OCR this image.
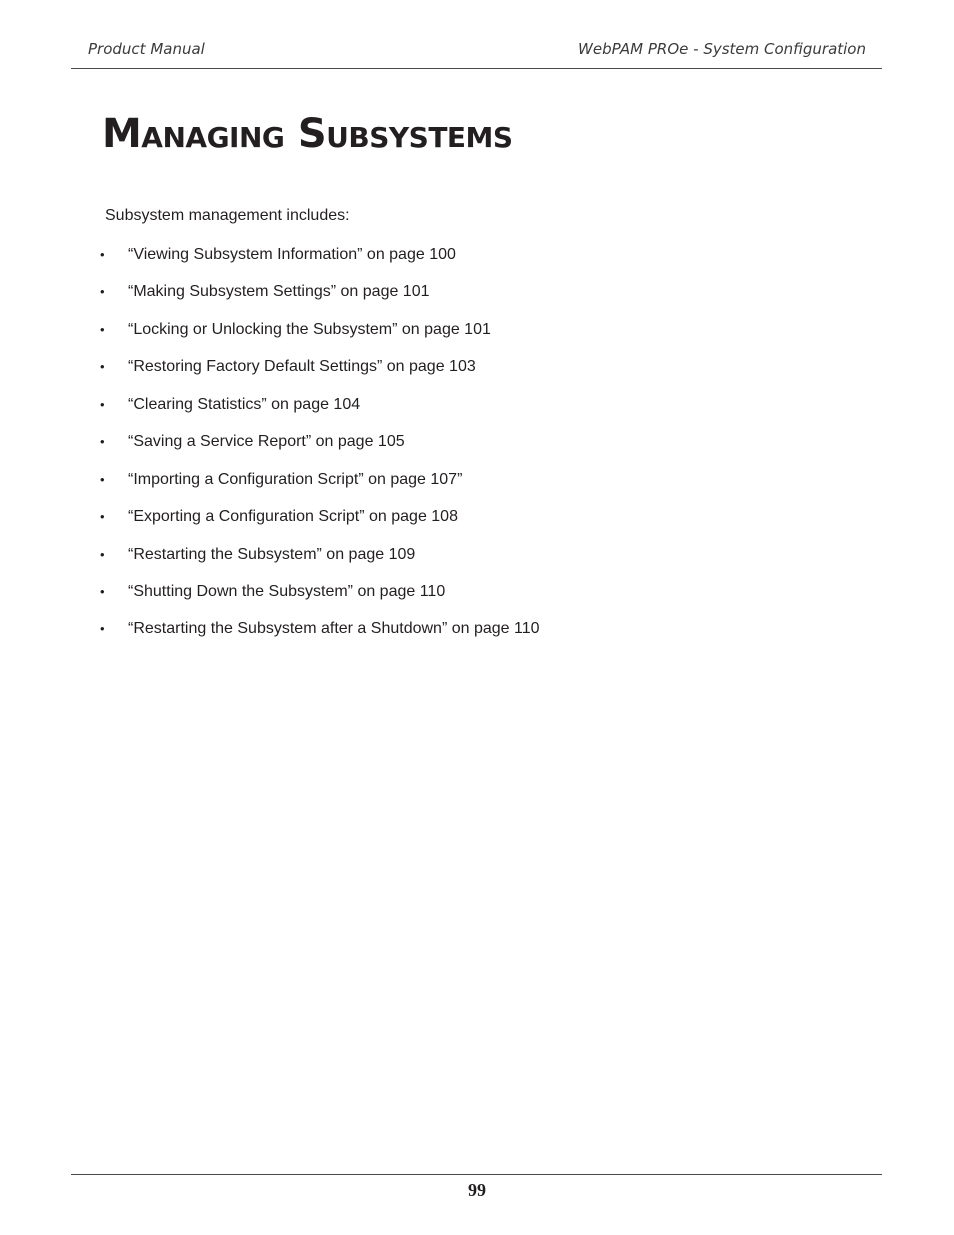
Product Manual	WebPAM PROe - System Configuration
Managing Subsystems
Subsystem management includes:
• “Viewing Subsystem Information” on page 100
• “Making Subsystem Settings” on page 101
• “Locking or Unlocking the Subsystem” on page 101
• “Restoring Factory Default Settings” on page 103
• “Clearing Statistics” on page 104
• “Saving a Service Report” on page 105
• “Importing a Configuration Script” on page 107”
• “Exporting a Configuration Script” on page 108
• “Restarting the Subsystem” on page 109
• “Shutting Down the Subsystem” on page 110
• “Restarting the Subsystem after a Shutdown” on page 110
99
